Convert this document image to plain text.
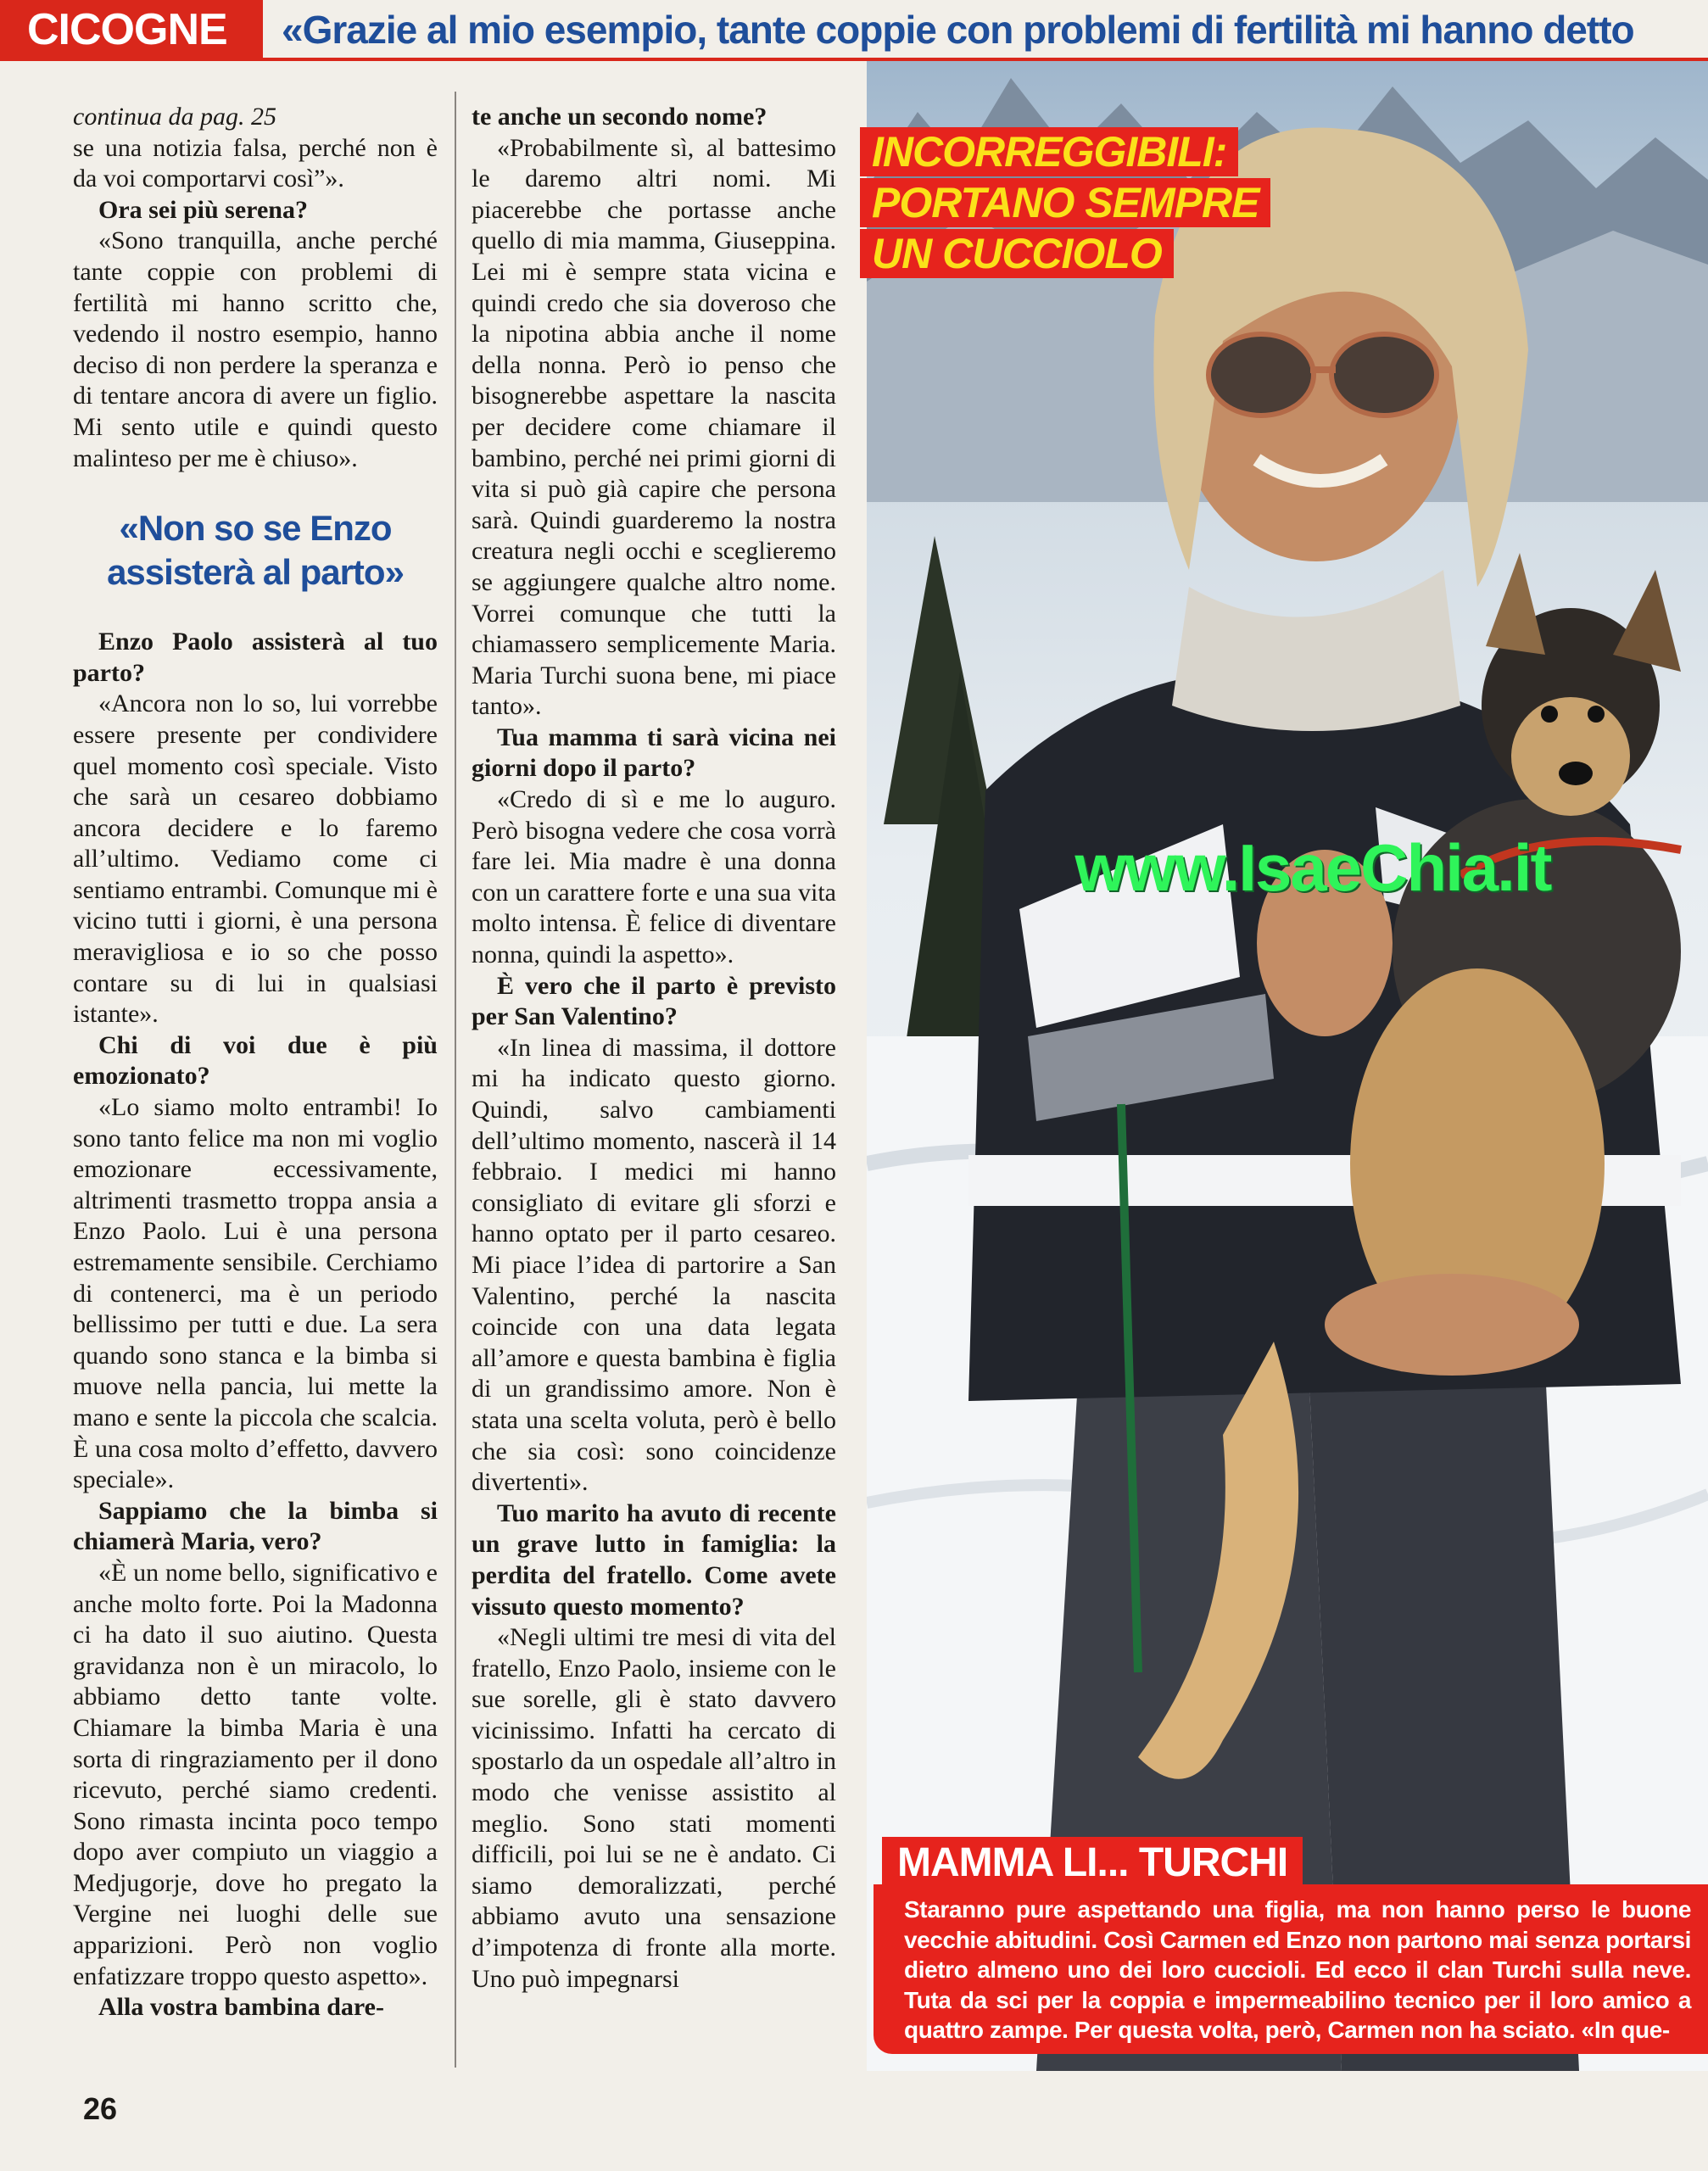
CICOGNE	«Grazie al mio esempio, tante coppie con problemi di fertilità mi hanno detto

continua da pag. 25

se una notizia falsa, perché non è da voi comportarvi così”».

Ora sei più serena?

«Sono tranquilla, anche perché tante coppie con problemi di fertilità mi hanno scritto che, vedendo il nostro esempio, hanno deciso di non perdere la speranza e di tentare ancora di avere un figlio. Mi sento utile e quindi questo malinteso per me è chiuso».

«Non so se Enzo assisterà al parto»

Enzo Paolo assisterà al tuo parto?

«Ancora non lo so, lui vorrebbe essere presente per condividere quel momento così speciale. Visto che sarà un cesareo dobbiamo ancora decidere e lo faremo all’ultimo. Vediamo come ci sentiamo entrambi. Comunque mi è vicino tutti i giorni, è una persona meravigliosa e io so che posso contare su di lui in qualsiasi istante».

Chi di voi due è più emozionato?

«Lo siamo molto entrambi! Io sono tanto felice ma non mi voglio emozionare eccessivamente, altrimenti trasmetto troppa ansia a Enzo Paolo. Lui è una persona estremamente sensibile. Cerchiamo di contenerci, ma è un periodo bellissimo per tutti e due. La sera quando sono stanca e la bimba si muove nella pancia, lui mette la mano e sente la piccola che scalcia. È una cosa molto d’effetto, davvero speciale».

Sappiamo che la bimba si chiamerà Maria, vero?

«È un nome bello, significativo e anche molto forte. Poi la Madonna ci ha dato il suo aiutino. Questa gravidanza non è un miracolo, lo abbiamo detto tante volte. Chiamare la bimba Maria è una sorta di ringraziamento per il dono ricevuto, perché siamo credenti. Sono rimasta incinta poco tempo dopo aver compiuto un viaggio a Medjugorje, dove ho pregato la Vergine nei luoghi delle sue apparizioni. Però non voglio enfatizzare troppo questo aspetto».

Alla vostra bambina dare-

te anche un secondo nome?

«Probabilmente sì, al battesimo le daremo altri nomi. Mi piacerebbe che portasse anche quello di mia mamma, Giuseppina. Lei mi è sempre stata vicina e quindi credo che sia doveroso che la nipotina abbia anche il nome della nonna. Però io penso che bisognerebbe aspettare la nascita per decidere come chiamare il bambino, perché nei primi giorni di vita si può già capire che persona sarà. Quindi guarderemo la nostra creatura negli occhi e sceglieremo se aggiungere qualche altro nome. Vorrei comunque che tutti la chiamassero semplicemente Maria. Maria Turchi suona bene, mi piace tanto».

Tua mamma ti sarà vicina nei giorni dopo il parto?

«Credo di sì e me lo auguro. Però bisogna vedere che cosa vorrà fare lei. Mia madre è una donna con un carattere forte e una sua vita molto intensa. È felice di diventare nonna, quindi la aspetto».

È vero che il parto è previsto per San Valentino?

«In linea di massima, il dottore mi ha indicato questo giorno. Quindi, salvo cambiamenti dell’ultimo momento, nascerà il 14 febbraio. I medici mi hanno consigliato di evitare gli sforzi e hanno optato per il parto cesareo. Mi piace l’idea di partorire a San Valentino, perché la nascita coincide con una data legata all’amore e questa bambina è figlia di un grandissimo amore. Non è stata una scelta voluta, però è bello che sia così: sono coincidenze divertenti».

Tuo marito ha avuto di recente un grave lutto in famiglia: la perdita del fratello. Come avete vissuto questo momento?

«Negli ultimi tre mesi di vita del fratello, Enzo Paolo, insieme con le sue sorelle, gli è stato davvero vicinissimo. Infatti ha cercato di spostarlo da un ospedale all’altro in modo che venisse assistito al meglio. Sono stati momenti difficili, poi lui se ne è andato. Ci siamo demoralizzati, perché abbiamo avuto una sensazione d’impotenza di fronte alla morte. Uno può impegnarsi

INCORREGGIBILI:
PORTANO SEMPRE
UN CUCCIOLO
www.IsaeChia.it
Staranno pure aspettando una figlia, ma non hanno perso le buone vecchie abitudini. Così Carmen ed Enzo non partono mai senza portarsi dietro almeno uno dei loro cuccioli. Ed ecco il clan Turchi sulla neve. Tuta da sci per la coppia e impermeabilino tecnico per il loro amico a quattro zampe. Per questa volta, però, Carmen non ha sciato. «In que-
MAMMA LI... TURCHI
26
